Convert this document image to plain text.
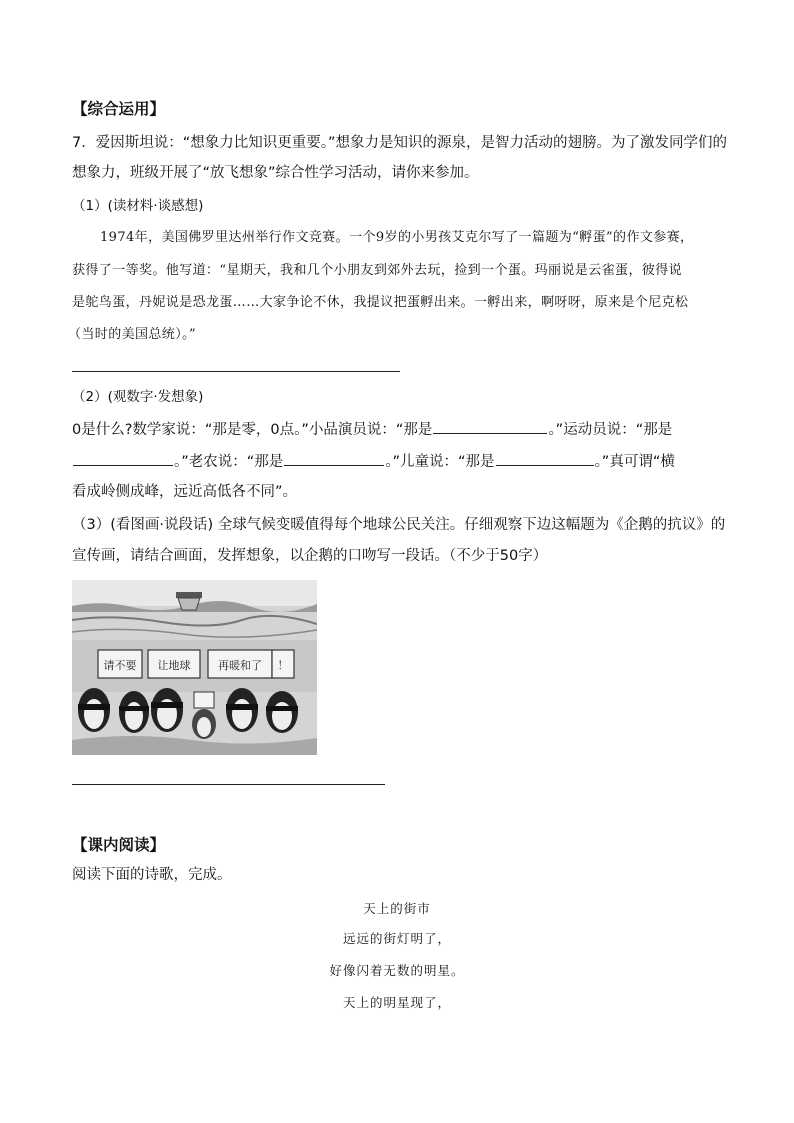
【综合运用】
7．爱因斯坦说：“想象力比知识更重要。”想象力是知识的源泉，是智力活动的翅膀。为了激发同学们的
想象力，班级开展了“放飞想象”综合性学习活动，请你来参加。
（1）(读材料·谈感想)
1974年，美国佛罗里达州举行作文竞赛。一个9岁的小男孩艾克尔写了一篇题为“孵蛋”的作文参赛，
获得了一等奖。他写道：“星期天，我和几个小朋友到郊外去玩，捡到一个蛋。玛丽说是云雀蛋，彼得说
是鸵鸟蛋，丹妮说是恐龙蛋……大家争论不休，我提议把蛋孵出来。一孵出来，啊呀呀，原来是个尼克松
（当时的美国总统）。”
（2）(观数字·发想象)
0是什么?数学家说：“那是零，0点。”小品演员说：“那是	。”运动员说：“那是
。”老农说：“那是	。”儿童说：“那是	。”真可谓“横
看成岭侧成峰，远近高低各不同”。
（3）(看图画·说段话) 全球气候变暖值得每个地球公民关注。仔细观察下边这幅题为《企鹅的抗议》的
宣传画，请结合画面，发挥想象，以企鹅的口吻写一段话。（不少于50字）
请不要 让地球	再暖和了 ！
【课内阅读】
阅读下面的诗歌，完成。
天上的街市
远远的街灯明了，
好像闪着无数的明星。
天上的明星现了，
